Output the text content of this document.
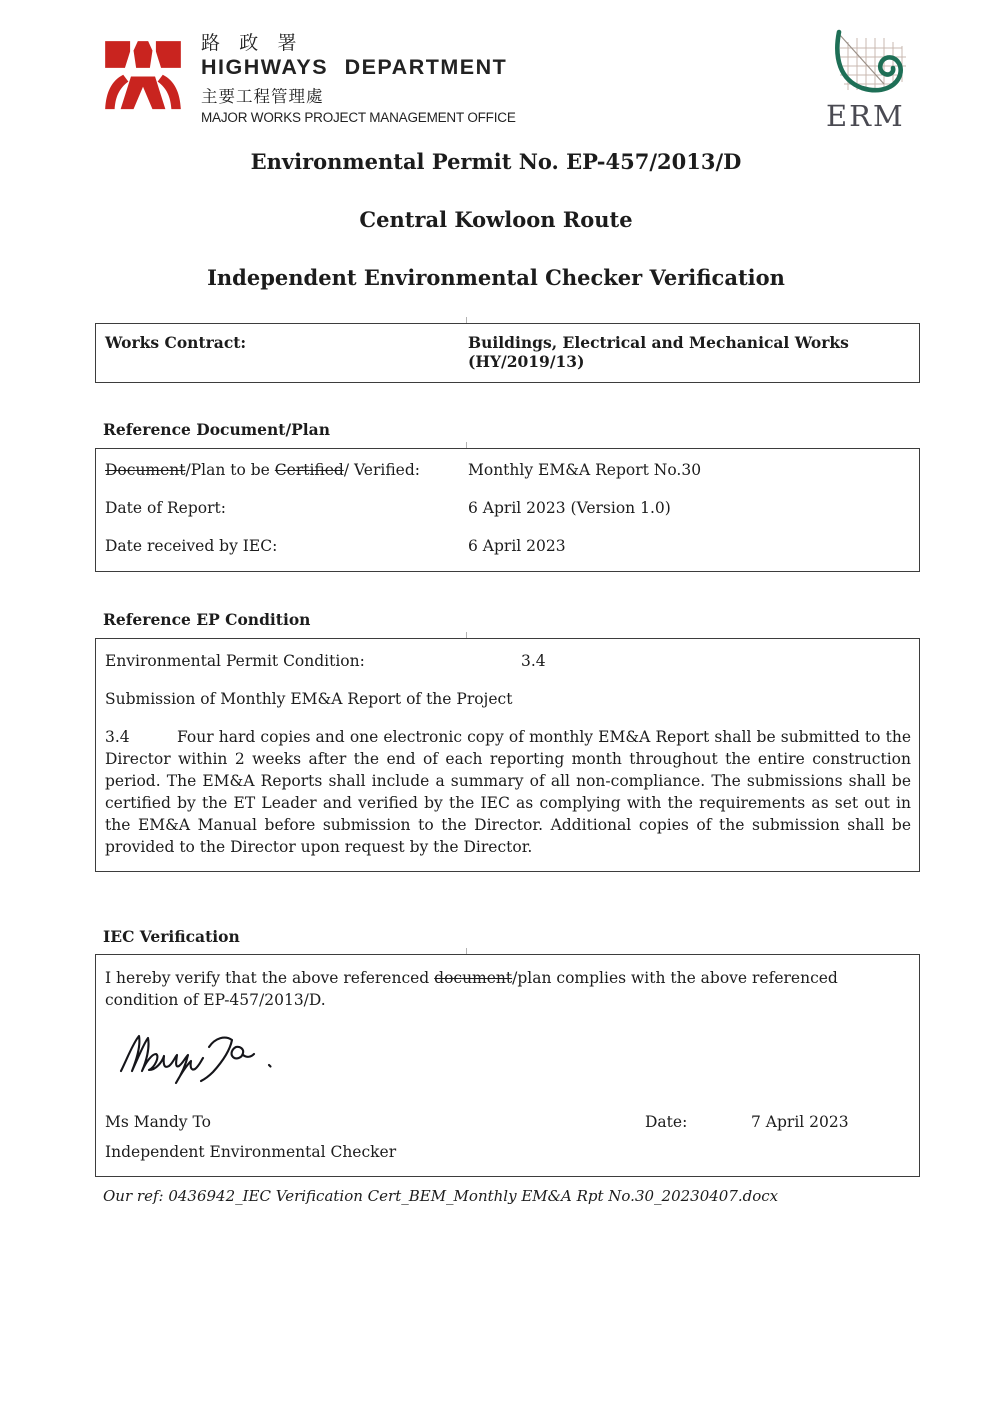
路 政 署
HIGHWAYS DEPARTMENT
主要工程管理處
MAJOR WORKS PROJECT MANAGEMENT OFFICE	ERM
Environmental Permit No. EP-457/2013/D
Central Kowloon Route
Independent Environmental Checker Verification
Works Contract:	Buildings, Electrical and Mechanical Works (HY/2019/13)
Reference Document/Plan
Document/Plan to be Certified/ Verified:	Monthly EM&A Report No.30
Date of Report:	6 April 2023 (Version 1.0)
Date received by IEC:	6 April 2023
Reference EP Condition
Environmental Permit Condition:	3.4
Submission of Monthly EM&A Report of the Project
3.4	Four hard copies and one electronic copy of monthly EM&A Report shall be submitted to the Director within 2 weeks after the end of each reporting month throughout the entire construction period. The EM&A Reports shall include a summary of all non-compliance. The submissions shall be certified by the ET Leader and verified by the IEC as complying with the requirements as set out in the EM&A Manual before submission to the Director. Additional copies of the submission shall be provided to the Director upon request by the Director.
IEC Verification
I hereby verify that the above referenced document/plan complies with the above referenced condition of EP-457/2013/D.
Ms Mandy To	Date:	7 April 2023
Independent Environmental Checker
Our ref: 0436942_IEC Verification Cert_BEM_Monthly EM&A Rpt No.30_20230407.docx
